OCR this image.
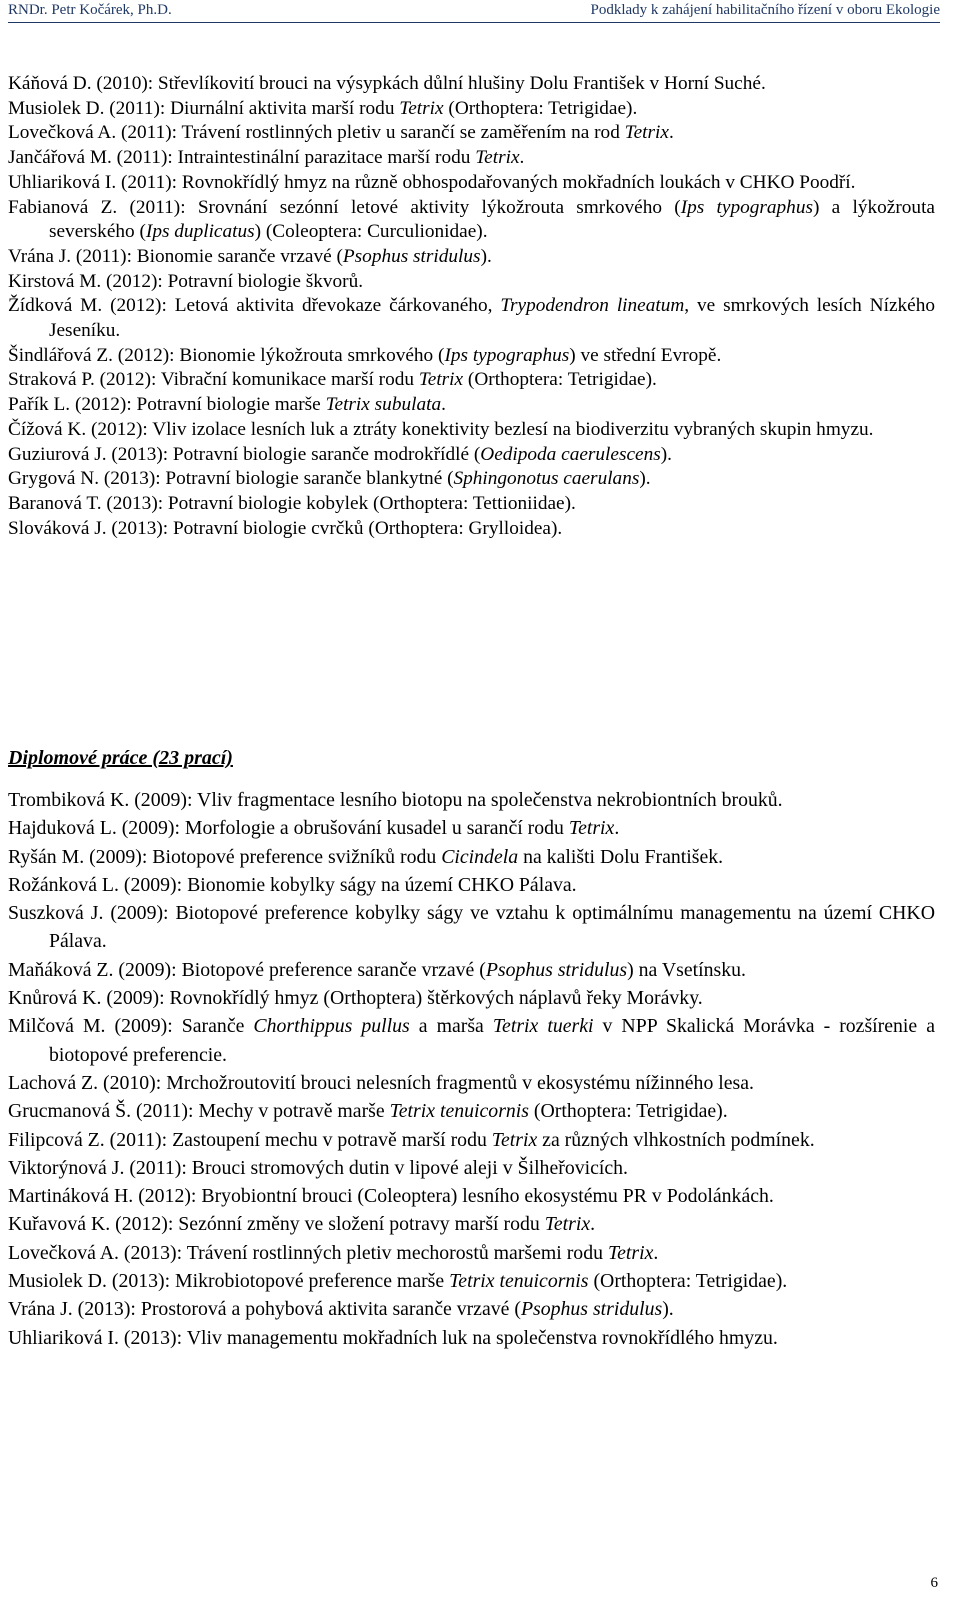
RNDr. Petr Kočárek, Ph.D.	Podklady k zahájení habilitačního řízení v oboru Ekologie
Káňová D. (2010): Střevlíkovití brouci na výsypkách důlní hlušiny Dolu František v Horní Suché.
Musiolek D. (2011): Diurnální aktivita marší rodu Tetrix (Orthoptera: Tetrigidae).
Lovečková A. (2011): Trávení rostlinných pletiv u sarančí se zaměřením na rod Tetrix.
Jančářová M. (2011): Intraintestinální parazitace marší rodu Tetrix.
Uhliariková I. (2011): Rovnokřídlý hmyz na různě obhospodařovaných mokřadních loukách v CHKO Poodří.
Fabianová Z. (2011): Srovnání sezónní letové aktivity lýkožrouta smrkového (Ips typographus) a lýkožrouta severského (Ips duplicatus) (Coleoptera: Curculionidae).
Vrána J. (2011): Bionomie saranče vrzavé (Psophus stridulus).
Kirstová M. (2012): Potravní biologie škvorů.
Žídková M. (2012): Letová aktivita dřevokaze čárkovaného, Trypodendron lineatum, ve smrkových lesích Nízkého Jeseníku.
Šindlářová Z. (2012): Bionomie lýkožrouta smrkového (Ips typographus) ve střední Evropě.
Straková P. (2012): Vibrační komunikace marší rodu Tetrix (Orthoptera: Tetrigidae).
Pařík L. (2012): Potravní biologie marše Tetrix subulata.
Čížová K. (2012): Vliv izolace lesních luk a ztráty konektivity bezlesí na biodiverzitu vybraných skupin hmyzu.
Guziurová J. (2013): Potravní biologie saranče modrokřídlé (Oedipoda caerulescens).
Grygová N. (2013): Potravní biologie saranče blankytné (Sphingonotus caerulans).
Baranová T. (2013): Potravní biologie kobylek (Orthoptera: Tettioniidae).
Slováková J. (2013): Potravní biologie cvrčků (Orthoptera: Grylloidea).

Diplomové práce (23 prací)

Trombiková K. (2009): Vliv fragmentace lesního biotopu na společenstva nekrobiontních brouků.
Hajduková L. (2009): Morfologie a obrušování kusadel u sarančí rodu Tetrix.
Ryšán M. (2009): Biotopové preference svižníků rodu Cicindela na kališti Dolu František.
Rožánková L. (2009): Bionomie kobylky ságy na území CHKO Pálava.
Suszková J. (2009): Biotopové preference kobylky ságy ve vztahu k optimálnímu managementu na území CHKO Pálava.
Maňáková Z. (2009): Biotopové preference saranče vrzavé (Psophus stridulus) na Vsetínsku.
Knůrová K. (2009): Rovnokřídlý hmyz (Orthoptera) štěrkových náplavů řeky Morávky.
Milčová M. (2009): Saranče Chorthippus pullus a marša Tetrix tuerki v NPP Skalická Morávka - rozšírenie a biotopové preferencie.
Lachová Z. (2010): Mrchožroutovití brouci nelesních fragmentů v ekosystému nížinného lesa.
Grucmanová Š. (2011): Mechy v potravě marše Tetrix tenuicornis (Orthoptera: Tetrigidae).
Filipcová Z. (2011): Zastoupení mechu v potravě marší rodu Tetrix za různých vlhkostních podmínek.
Viktorýnová J. (2011): Brouci stromových dutin v lipové aleji v Šilheřovicích.
Martináková H. (2012): Bryobiontní brouci (Coleoptera) lesního ekosystému PR v Podolánkách.
Kuřavová K. (2012): Sezónní změny ve složení potravy marší rodu Tetrix.
Lovečková A. (2013): Trávení rostlinných pletiv mechorostů maršemi rodu Tetrix.
Musiolek D. (2013): Mikrobiotopové preference marše Tetrix tenuicornis (Orthoptera: Tetrigidae).
Vrána J. (2013): Prostorová a pohybová aktivita saranče vrzavé (Psophus stridulus).
Uhliariková I. (2013): Vliv managementu mokřadních luk na společenstva rovnokřídlého hmyzu.
6
